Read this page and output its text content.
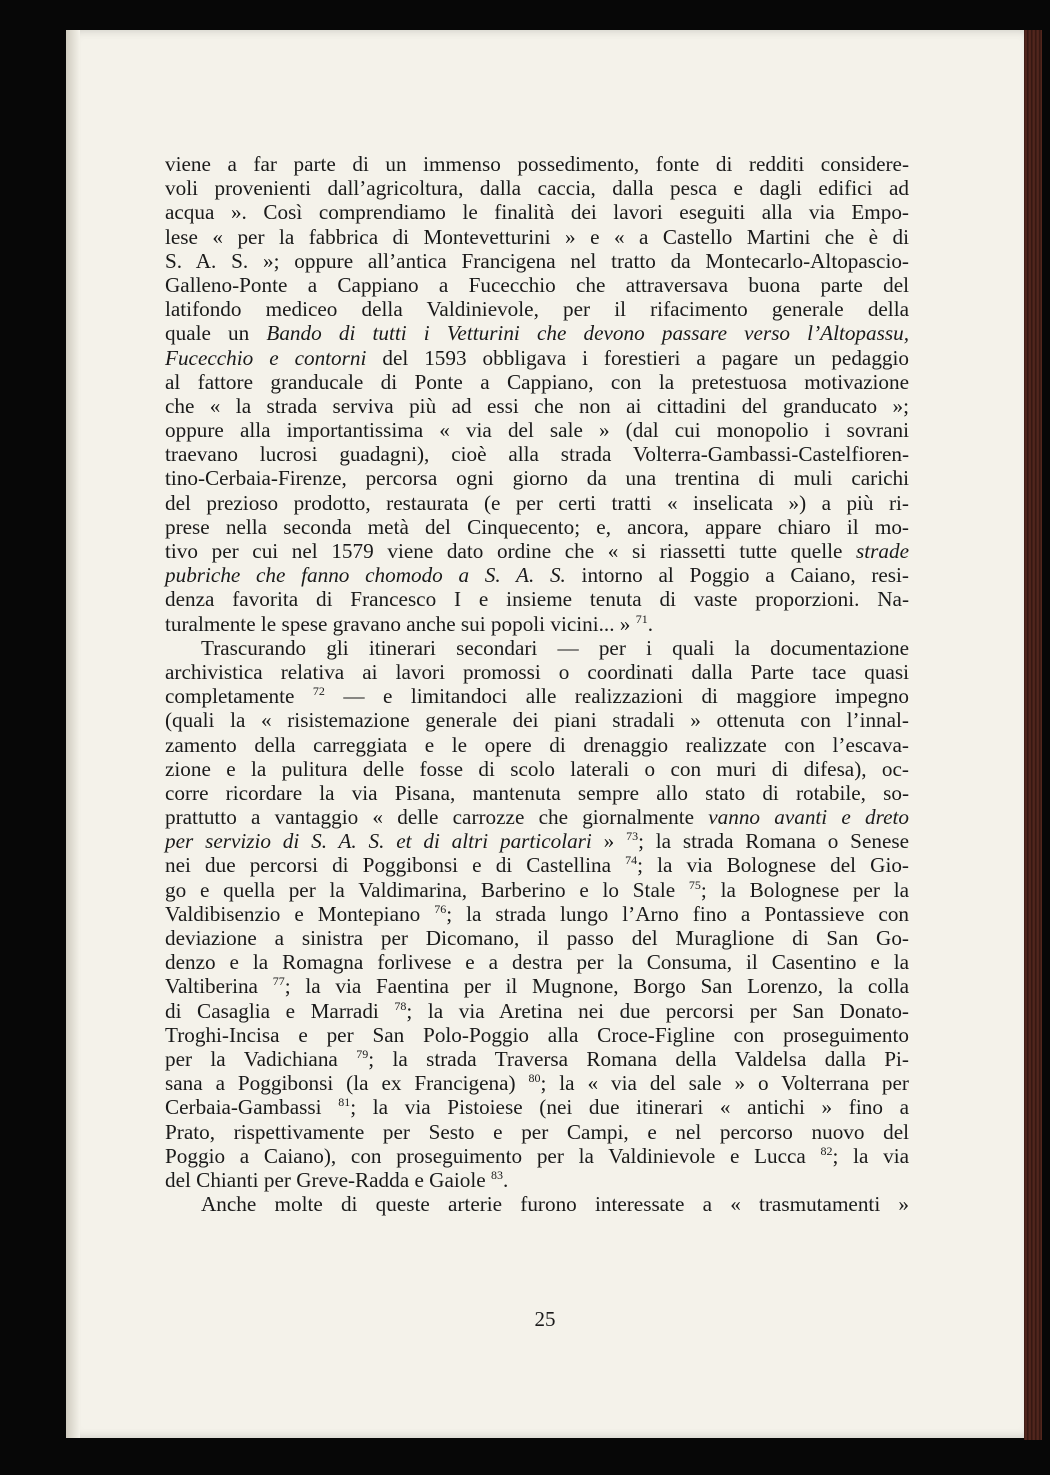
viene a far parte di un immenso possedimento, fonte di redditi considere-
voli provenienti dall’agricoltura, dalla caccia, dalla pesca e dagli edifici ad
acqua ». Così comprendiamo le finalità dei lavori eseguiti alla via Empo-
lese « per la fabbrica di Montevetturini » e « a Castello Martini che è di
S. A. S. »; oppure all’antica Francigena nel tratto da Montecarlo-Altopascio-
Galleno-Ponte a Cappiano a Fucecchio che attraversava buona parte del
latifondo mediceo della Valdinievole, per il rifacimento generale della
quale un Bando di tutti i Vetturini che devono passare verso l’Altopassu,
Fucecchio e contorni del 1593 obbligava i forestieri a pagare un pedaggio
al fattore granducale di Ponte a Cappiano, con la pretestuosa motivazione
che « la strada serviva più ad essi che non ai cittadini del granducato »;
oppure alla importantissima « via del sale » (dal cui monopolio i sovrani
traevano lucrosi guadagni), cioè alla strada Volterra-Gambassi-Castelfioren-
tino-Cerbaia-Firenze, percorsa ogni giorno da una trentina di muli carichi
del prezioso prodotto, restaurata (e per certi tratti « inselicata ») a più ri-
prese nella seconda metà del Cinquecento; e, ancora, appare chiaro il mo-
tivo per cui nel 1579 viene dato ordine che « si riassetti tutte quelle strade
pubriche che fanno chomodo a S. A. S. intorno al Poggio a Caiano, resi-
denza favorita di Francesco I e insieme tenuta di vaste proporzioni. Na-
turalmente le spese gravano anche sui popoli vicini... » $^{71}$.
Trascurando gli itinerari secondari — per i quali la documentazione
archivistica relativa ai lavori promossi o coordinati dalla Parte tace quasi
completamente $^{72}$ — e limitandoci alle realizzazioni di maggiore impegno
(quali la « risistemazione generale dei piani stradali » ottenuta con l’innal-
zamento della carreggiata e le opere di drenaggio realizzate con l’escava-
zione e la pulitura delle fosse di scolo laterali o con muri di difesa), oc-
corre ricordare la via Pisana, mantenuta sempre allo stato di rotabile, so-
prattutto a vantaggio « delle carrozze che giornalmente vanno avanti e dreto
per servizio di S. A. S. et di altri particolari » $^{73}$; la strada Romana o Senese
nei due percorsi di Poggibonsi e di Castellina $^{74}$; la via Bolognese del Gio-
go e quella per la Valdimarina, Barberino e lo Stale $^{75}$; la Bolognese per la
Valdibisenzio e Montepiano $^{76}$; la strada lungo l’Arno fino a Pontassieve con
deviazione a sinistra per Dicomano, il passo del Muraglione di San Go-
denzo e la Romagna forlivese e a destra per la Consuma, il Casentino e la
Valtiberina $^{77}$; la via Faentina per il Mugnone, Borgo San Lorenzo, la colla
di Casaglia e Marradi $^{78}$; la via Aretina nei due percorsi per San Donato-
Troghi-Incisa e per San Polo-Poggio alla Croce-Figline con proseguimento
per la Vadichiana $^{79}$; la strada Traversa Romana della Valdelsa dalla Pi-
sana a Poggibonsi (la ex Francigena) $^{80}$; la « via del sale » o Volterrana per
Cerbaia-Gambassi $^{81}$; la via Pistoiese (nei due itinerari « antichi » fino a
Prato, rispettivamente per Sesto e per Campi, e nel percorso nuovo del
Poggio a Caiano), con proseguimento per la Valdinievole e Lucca $^{82}$; la via
del Chianti per Greve-Radda e Gaiole $^{83}$.
Anche molte di queste arterie furono interessate a « trasmutamenti »
25
